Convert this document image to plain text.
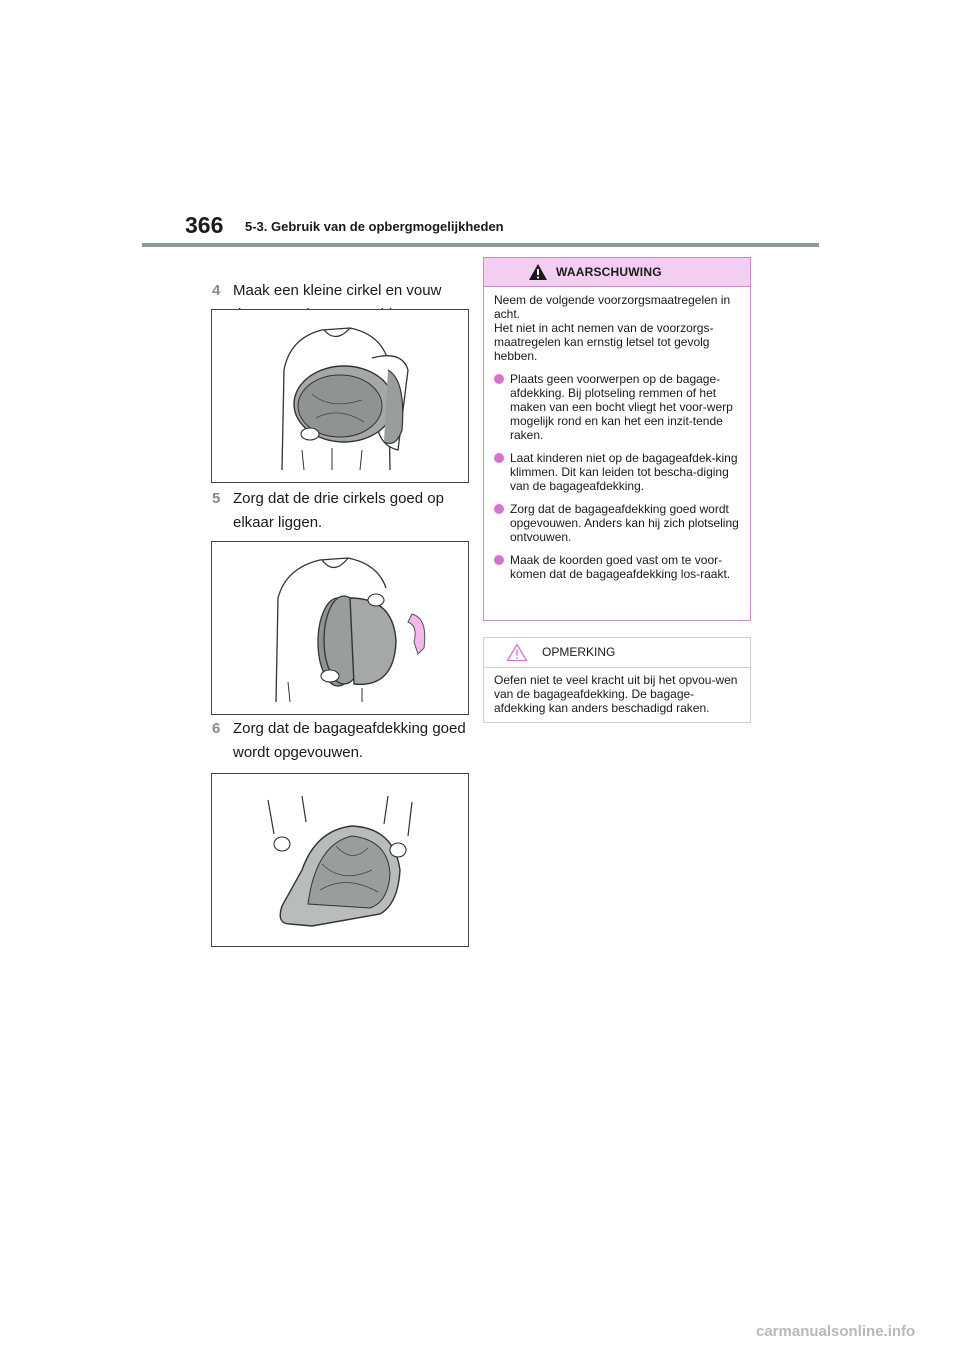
366 5-3. Gebruik van de opbergmogelijkheden
4 Maak een kleine cirkel en vouw
5 Zorg dat de drie cirkels goed op elkaar liggen.
6 Zorg dat de bagageafdekking goed wordt opgevouwen.
WAARSCHUWING

Neem de volgende voorzorgsmaatregelen in acht.
Het niet in acht nemen van de voorzorgs-maatregelen kan ernstig letsel tot gevolg hebben.

Plaats geen voorwerpen op de bagage-afdekking. Bij plotseling remmen of het maken van een bocht vliegt het voor-werp mogelijk rond en kan het een inzit-tende raken.
Laat kinderen niet op de bagageafdek-king klimmen. Dit kan leiden tot bescha-diging van de bagageafdekking.
Zorg dat de bagageafdekking goed wordt opgevouwen. Anders kan hij zich plotseling ontvouwen.
Maak de koorden goed vast om te voor-komen dat de bagageafdekking los-raakt.
OPMERKING
Oefen niet te veel kracht uit bij het opvou-wen van de bagageafdekking. De bagage-afdekking kan anders beschadigd raken.
carmanualsonline.info
